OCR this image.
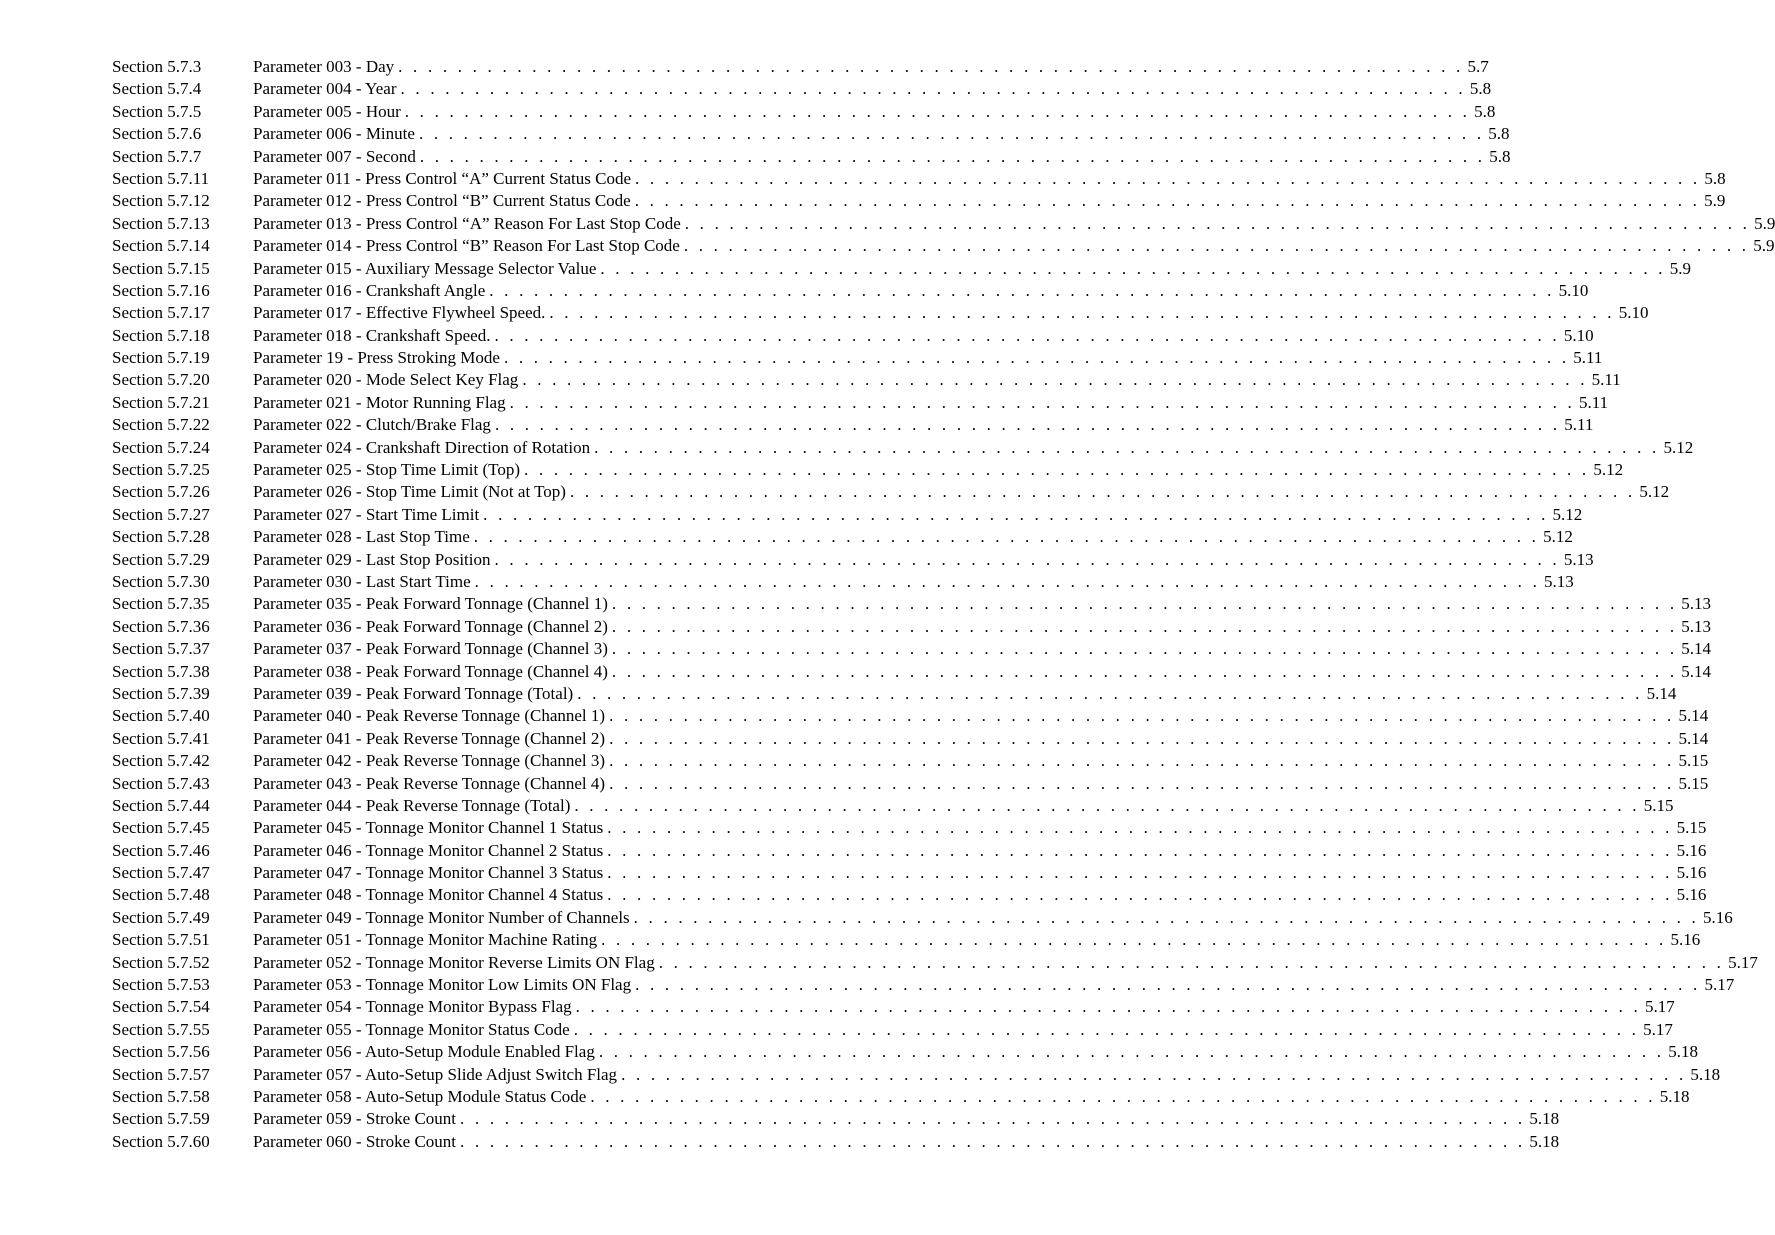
Section 5.7.3	Parameter 003 - Day . . . . . . . . . . . . . . . . . . . . . . . . . . . . . . . . . . . . . . . . . . . . . . . . . . . . . . . . . . . . . . . . . . . . . . . . 5.7
Section 5.7.4	Parameter 004 - Year . . . . . . . . . . . . . . . . . . . . . . . . . . . . . . . . . . . . . . . . . . . . . . . . . . . . . . . . . . . . . . . . . . . . . . . . 5.8
Section 5.7.5	Parameter 005 - Hour . . . . . . . . . . . . . . . . . . . . . . . . . . . . . . . . . . . . . . . . . . . . . . . . . . . . . . . . . . . . . . . . . . . . . . . . 5.8
Section 5.7.6	Parameter 006 - Minute . . . . . . . . . . . . . . . . . . . . . . . . . . . . . . . . . . . . . . . . . . . . . . . . . . . . . . . . . . . . . . . . . . . . . . . . 5.8
Section 5.7.7	Parameter 007 - Second . . . . . . . . . . . . . . . . . . . . . . . . . . . . . . . . . . . . . . . . . . . . . . . . . . . . . . . . . . . . . . . . . . . . . . . . 5.8
Section 5.7.11	Parameter 011 - Press Control “A” Current Status Code . . . . . . . . . . . . . . . . . . . . . . . . . . . . . . . . . . . . . . . . . . . . . . . . . . . . . . . . . . . . . . . . . . . . . . . . 5.8
Section 5.7.12	Parameter 012 - Press Control “B” Current Status Code . . . . . . . . . . . . . . . . . . . . . . . . . . . . . . . . . . . . . . . . . . . . . . . . . . . . . . . . . . . . . . . . . . . . . . . . 5.9
Section 5.7.13	Parameter 013 - Press Control “A” Reason For Last Stop Code . . . . . . . . . . . . . . . . . . . . . . . . . . . . . . . . . . . . . . . . . . . . . . . . . . . . . . . . . . . . . . . . . . . . . . . . 5.9
Section 5.7.14	Parameter 014 - Press Control “B” Reason For Last Stop Code . . . . . . . . . . . . . . . . . . . . . . . . . . . . . . . . . . . . . . . . . . . . . . . . . . . . . . . . . . . . . . . . . . . . . . . . 5.9
Section 5.7.15	Parameter 015 - Auxiliary Message Selector Value . . . . . . . . . . . . . . . . . . . . . . . . . . . . . . . . . . . . . . . . . . . . . . . . . . . . . . . . . . . . . . . . . . . . . . . . 5.9
Section 5.7.16	Parameter 016 - Crankshaft Angle . . . . . . . . . . . . . . . . . . . . . . . . . . . . . . . . . . . . . . . . . . . . . . . . . . . . . . . . . . . . . . . . . . . . . . . . 5.10
Section 5.7.17	Parameter 017 - Effective Flywheel Speed. . . . . . . . . . . . . . . . . . . . . . . . . . . . . . . . . . . . . . . . . . . . . . . . . . . . . . . . . . . . . . . . . . . . . . . . . 5.10
Section 5.7.18	Parameter 018 - Crankshaft Speed. . . . . . . . . . . . . . . . . . . . . . . . . . . . . . . . . . . . . . . . . . . . . . . . . . . . . . . . . . . . . . . . . . . . . . . . . 5.10
Section 5.7.19	Parameter 19 - Press Stroking Mode . . . . . . . . . . . . . . . . . . . . . . . . . . . . . . . . . . . . . . . . . . . . . . . . . . . . . . . . . . . . . . . . . . . . . . . . 5.11
Section 5.7.20	Parameter 020 - Mode Select Key Flag . . . . . . . . . . . . . . . . . . . . . . . . . . . . . . . . . . . . . . . . . . . . . . . . . . . . . . . . . . . . . . . . . . . . . . . . 5.11
Section 5.7.21	Parameter 021 - Motor Running Flag . . . . . . . . . . . . . . . . . . . . . . . . . . . . . . . . . . . . . . . . . . . . . . . . . . . . . . . . . . . . . . . . . . . . . . . . 5.11
Section 5.7.22	Parameter 022 - Clutch/Brake Flag . . . . . . . . . . . . . . . . . . . . . . . . . . . . . . . . . . . . . . . . . . . . . . . . . . . . . . . . . . . . . . . . . . . . . . . . 5.11
Section 5.7.24	Parameter 024 - Crankshaft Direction of Rotation . . . . . . . . . . . . . . . . . . . . . . . . . . . . . . . . . . . . . . . . . . . . . . . . . . . . . . . . . . . . . . . . . . . . . . . . 5.12
Section 5.7.25	Parameter 025 - Stop Time Limit (Top) . . . . . . . . . . . . . . . . . . . . . . . . . . . . . . . . . . . . . . . . . . . . . . . . . . . . . . . . . . . . . . . . . . . . . . . . 5.12
Section 5.7.26	Parameter 026 - Stop Time Limit (Not at Top) . . . . . . . . . . . . . . . . . . . . . . . . . . . . . . . . . . . . . . . . . . . . . . . . . . . . . . . . . . . . . . . . . . . . . . . . 5.12
Section 5.7.27	Parameter 027 - Start Time Limit . . . . . . . . . . . . . . . . . . . . . . . . . . . . . . . . . . . . . . . . . . . . . . . . . . . . . . . . . . . . . . . . . . . . . . . . 5.12
Section 5.7.28	Parameter 028 - Last Stop Time . . . . . . . . . . . . . . . . . . . . . . . . . . . . . . . . . . . . . . . . . . . . . . . . . . . . . . . . . . . . . . . . . . . . . . . . 5.12
Section 5.7.29	Parameter 029 - Last Stop Position . . . . . . . . . . . . . . . . . . . . . . . . . . . . . . . . . . . . . . . . . . . . . . . . . . . . . . . . . . . . . . . . . . . . . . . . 5.13
Section 5.7.30	Parameter 030 - Last Start Time . . . . . . . . . . . . . . . . . . . . . . . . . . . . . . . . . . . . . . . . . . . . . . . . . . . . . . . . . . . . . . . . . . . . . . . . 5.13
Section 5.7.35	Parameter 035 - Peak Forward Tonnage (Channel 1) . . . . . . . . . . . . . . . . . . . . . . . . . . . . . . . . . . . . . . . . . . . . . . . . . . . . . . . . . . . . . . . . . . . . . . . . 5.13
Section 5.7.36	Parameter 036 - Peak Forward Tonnage (Channel 2) . . . . . . . . . . . . . . . . . . . . . . . . . . . . . . . . . . . . . . . . . . . . . . . . . . . . . . . . . . . . . . . . . . . . . . . . 5.13
Section 5.7.37	Parameter 037 - Peak Forward Tonnage (Channel 3) . . . . . . . . . . . . . . . . . . . . . . . . . . . . . . . . . . . . . . . . . . . . . . . . . . . . . . . . . . . . . . . . . . . . . . . . 5.14
Section 5.7.38	Parameter 038 - Peak Forward Tonnage (Channel 4) . . . . . . . . . . . . . . . . . . . . . . . . . . . . . . . . . . . . . . . . . . . . . . . . . . . . . . . . . . . . . . . . . . . . . . . . 5.14
Section 5.7.39	Parameter 039 - Peak Forward Tonnage (Total) . . . . . . . . . . . . . . . . . . . . . . . . . . . . . . . . . . . . . . . . . . . . . . . . . . . . . . . . . . . . . . . . . . . . . . . . 5.14
Section 5.7.40	Parameter 040 - Peak Reverse Tonnage (Channel 1) . . . . . . . . . . . . . . . . . . . . . . . . . . . . . . . . . . . . . . . . . . . . . . . . . . . . . . . . . . . . . . . . . . . . . . . . 5.14
Section 5.7.41	Parameter 041 - Peak Reverse Tonnage (Channel 2) . . . . . . . . . . . . . . . . . . . . . . . . . . . . . . . . . . . . . . . . . . . . . . . . . . . . . . . . . . . . . . . . . . . . . . . . 5.14
Section 5.7.42	Parameter 042 - Peak Reverse Tonnage (Channel 3) . . . . . . . . . . . . . . . . . . . . . . . . . . . . . . . . . . . . . . . . . . . . . . . . . . . . . . . . . . . . . . . . . . . . . . . . 5.15
Section 5.7.43	Parameter 043 - Peak Reverse Tonnage (Channel 4) . . . . . . . . . . . . . . . . . . . . . . . . . . . . . . . . . . . . . . . . . . . . . . . . . . . . . . . . . . . . . . . . . . . . . . . . 5.15
Section 5.7.44	Parameter 044 - Peak Reverse Tonnage (Total) . . . . . . . . . . . . . . . . . . . . . . . . . . . . . . . . . . . . . . . . . . . . . . . . . . . . . . . . . . . . . . . . . . . . . . . . 5.15
Section 5.7.45	Parameter 045 - Tonnage Monitor Channel 1 Status . . . . . . . . . . . . . . . . . . . . . . . . . . . . . . . . . . . . . . . . . . . . . . . . . . . . . . . . . . . . . . . . . . . . . . . . 5.15
Section 5.7.46	Parameter 046 - Tonnage Monitor Channel 2 Status . . . . . . . . . . . . . . . . . . . . . . . . . . . . . . . . . . . . . . . . . . . . . . . . . . . . . . . . . . . . . . . . . . . . . . . . 5.16
Section 5.7.47	Parameter 047 - Tonnage Monitor Channel 3 Status . . . . . . . . . . . . . . . . . . . . . . . . . . . . . . . . . . . . . . . . . . . . . . . . . . . . . . . . . . . . . . . . . . . . . . . . 5.16
Section 5.7.48	Parameter 048 - Tonnage Monitor Channel 4 Status . . . . . . . . . . . . . . . . . . . . . . . . . . . . . . . . . . . . . . . . . . . . . . . . . . . . . . . . . . . . . . . . . . . . . . . . 5.16
Section 5.7.49	Parameter 049 - Tonnage Monitor Number of Channels . . . . . . . . . . . . . . . . . . . . . . . . . . . . . . . . . . . . . . . . . . . . . . . . . . . . . . . . . . . . . . . . . . . . . . . . 5.16
Section 5.7.51	Parameter 051 - Tonnage Monitor Machine Rating . . . . . . . . . . . . . . . . . . . . . . . . . . . . . . . . . . . . . . . . . . . . . . . . . . . . . . . . . . . . . . . . . . . . . . . . 5.16
Section 5.7.52	Parameter 052 - Tonnage Monitor Reverse Limits ON Flag . . . . . . . . . . . . . . . . . . . . . . . . . . . . . . . . . . . . . . . . . . . . . . . . . . . . . . . . . . . . . . . . . . . . . . . . 5.17
Section 5.7.53	Parameter 053 - Tonnage Monitor Low Limits ON Flag . . . . . . . . . . . . . . . . . . . . . . . . . . . . . . . . . . . . . . . . . . . . . . . . . . . . . . . . . . . . . . . . . . . . . . . . 5.17
Section 5.7.54	Parameter 054 - Tonnage Monitor Bypass Flag . . . . . . . . . . . . . . . . . . . . . . . . . . . . . . . . . . . . . . . . . . . . . . . . . . . . . . . . . . . . . . . . . . . . . . . . 5.17
Section 5.7.55	Parameter 055 - Tonnage Monitor Status Code . . . . . . . . . . . . . . . . . . . . . . . . . . . . . . . . . . . . . . . . . . . . . . . . . . . . . . . . . . . . . . . . . . . . . . . . 5.17
Section 5.7.56	Parameter 056 - Auto-Setup Module Enabled Flag . . . . . . . . . . . . . . . . . . . . . . . . . . . . . . . . . . . . . . . . . . . . . . . . . . . . . . . . . . . . . . . . . . . . . . . . 5.18
Section 5.7.57	Parameter 057 - Auto-Setup Slide Adjust Switch Flag . . . . . . . . . . . . . . . . . . . . . . . . . . . . . . . . . . . . . . . . . . . . . . . . . . . . . . . . . . . . . . . . . . . . . . . . 5.18
Section 5.7.58	Parameter 058 - Auto-Setup Module Status Code . . . . . . . . . . . . . . . . . . . . . . . . . . . . . . . . . . . . . . . . . . . . . . . . . . . . . . . . . . . . . . . . . . . . . . . . 5.18
Section 5.7.59	Parameter 059 - Stroke Count . . . . . . . . . . . . . . . . . . . . . . . . . . . . . . . . . . . . . . . . . . . . . . . . . . . . . . . . . . . . . . . . . . . . . . . . 5.18
Section 5.7.60	Parameter 060 - Stroke Count . . . . . . . . . . . . . . . . . . . . . . . . . . . . . . . . . . . . . . . . . . . . . . . . . . . . . . . . . . . . . . . . . . . . . . . . 5.18
